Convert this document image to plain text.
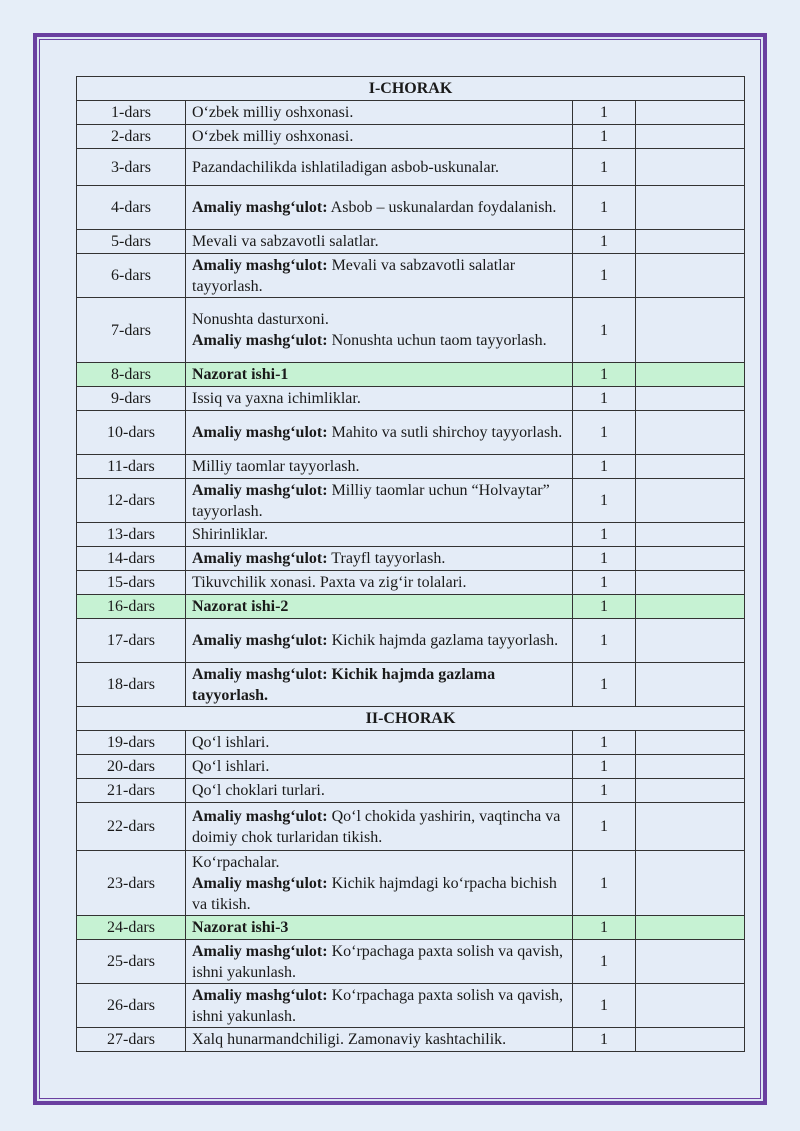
I-CHORAK			
1-dars	O‘zbek milliy oshxonasi.	1	
2-dars	O‘zbek milliy oshxonasi.	1	
3-dars	Pazandachilikda ishlatiladigan asbob-uskunalar.	1	
4-dars	Amaliy mashg‘ulot: Asbob – uskunalardan foydalanish.	1	
5-dars	Mevali va sabzavotli salatlar.	1	
6-dars	Amaliy mashg‘ulot: Mevali va sabzavotli salatlar tayyorlash.	1	
7-dars	Nonushta dasturxoni.
Amaliy mashg‘ulot: Nonushta uchun taom tayyorlash.	1	
8-dars	Nazorat ishi-1	1	
9-dars	Issiq va yaxna ichimliklar.	1	
10-dars	Amaliy mashg‘ulot: Mahito va sutli shirchoy tayyorlash.	1	
11-dars	Milliy taomlar tayyorlash.	1	
12-dars	Amaliy mashg‘ulot: Milliy taomlar uchun “Holvaytar” tayyorlash.	1	
13-dars	Shirinliklar.	1	
14-dars	Amaliy mashg‘ulot: Trayfl tayyorlash.	1	
15-dars	Tikuvchilik xonasi. Paxta va zig‘ir tolalari.	1	
16-dars	Nazorat ishi-2	1	
17-dars	Amaliy mashg‘ulot: Kichik hajmda gazlama tayyorlash.	1	
18-dars	Amaliy mashg‘ulot: Kichik hajmda gazlama tayyorlash.	1	
II-CHORAK			
19-dars	Qo‘l ishlari.	1	
20-dars	Qo‘l ishlari.	1	
21-dars	Qo‘l choklari turlari.	1	
22-dars	Amaliy mashg‘ulot: Qo‘l chokida yashirin, vaqtincha va doimiy chok turlaridan tikish.	1	
23-dars	Ko‘rpachalar.
Amaliy mashg‘ulot: Kichik hajmdagi ko‘rpacha bichish va tikish.	1	
24-dars	Nazorat ishi-3	1	
25-dars	Amaliy mashg‘ulot: Ko‘rpachaga paxta solish va qavish, ishni yakunlash.	1	
26-dars	Amaliy mashg‘ulot: Ko‘rpachaga paxta solish va qavish, ishni yakunlash.	1	
27-dars	Xalq hunarmandchiligi. Zamonaviy kashtachilik.	1	
